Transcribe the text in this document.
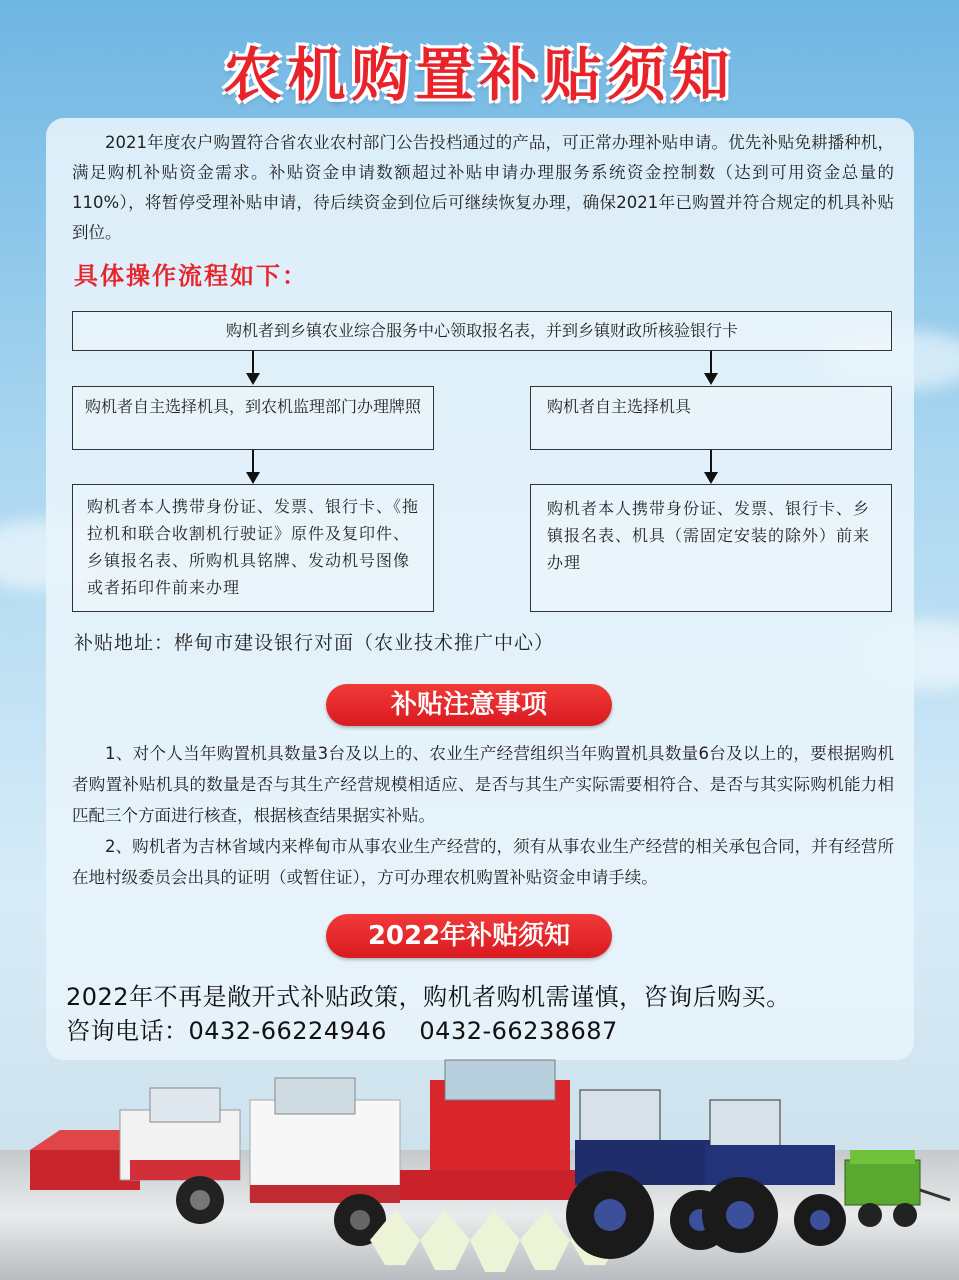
农机购置补贴须知
2021年度农户购置符合省农业农村部门公告投档通过的产品，可正常办理补贴申请。优先补贴免耕播种机，满足购机补贴资金需求。补贴资金申请数额超过补贴申请办理服务系统资金控制数（达到可用资金总量的110%），将暂停受理补贴申请，待后续资金到位后可继续恢复办理，确保2021年已购置并符合规定的机具补贴到位。
具体操作流程如下：
购机者到乡镇农业综合服务中心领取报名表，并到乡镇财政所核验银行卡
购机者自主选择机具，到农机监理部门办理牌照	购机者自主选择机具
购机者本人携带身份证、发票、银行卡、《拖拉机和联合收割机行驶证》原件及复印件、乡镇报名表、所购机具铭牌、发动机号图像或者拓印件前来办理
购机者本人携带身份证、发票、银行卡、乡镇报名表、机具（需固定安装的除外）前来办理
补贴地址：桦甸市建设银行对面（农业技术推广中心）
补贴注意事项

1、对个人当年购置机具数量3台及以上的、农业生产经营组织当年购置机具数量6台及以上的，要根据购机者购置补贴机具的数量是否与其生产经营规模相适应、是否与其生产实际需要相符合、是否与其实际购机能力相匹配三个方面进行核查，根据核查结果据实补贴。

2、购机者为吉林省域内来桦甸市从事农业生产经营的，须有从事农业生产经营的相关承包合同，并有经营所在地村级委员会出具的证明（或暂住证），方可办理农机购置补贴资金申请手续。

2022年补贴须知
2022年不再是敞开式补贴政策，购机者购机需谨慎，咨询后购买。
咨询电话：0432-66224946    0432-66238687
